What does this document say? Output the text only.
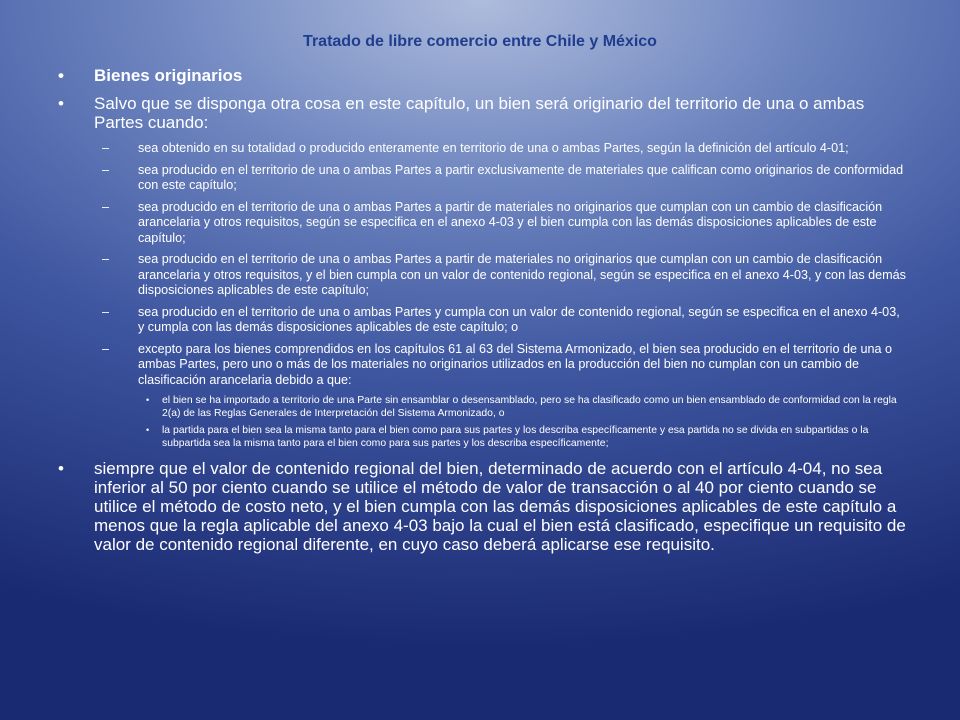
Tratado de libre comercio entre Chile y México
• Bienes originarios
• Salvo que se disponga otra cosa en este capítulo, un bien será originario del territorio de una o ambas Partes cuando:
– sea obtenido en su totalidad o producido enteramente en territorio de una o ambas Partes, según la definición del artículo 4-01;
– sea producido en el territorio de una o ambas Partes a partir exclusivamente de materiales que califican como originarios de conformidad con este capítulo;
– sea producido en el territorio de una o ambas Partes a partir de materiales no originarios que cumplan con un cambio de clasificación arancelaria y otros requisitos, según se especifica en el anexo 4-03 y el bien cumpla con las demás disposiciones aplicables de este capítulo;
– sea producido en el territorio de una o ambas Partes a partir de materiales no originarios que cumplan con un cambio de clasificación arancelaria y otros requisitos, y el bien cumpla con un valor de contenido regional, según se especifica en el anexo 4-03, y con las demás disposiciones aplicables de este capítulo;
– sea producido en el territorio de una o ambas Partes y cumpla con un valor de contenido regional, según se especifica en el anexo 4-03, y cumpla con las demás disposiciones aplicables de este capítulo; o
– excepto para los bienes comprendidos en los capítulos 61 al 63 del Sistema Armonizado, el bien sea producido en el territorio de una o ambas Partes, pero uno o más de los materiales no originarios utilizados en la producción del bien no cumplan con un cambio de clasificación arancelaria debido a que:
• el bien se ha importado a territorio de una Parte sin ensamblar o desensamblado, pero se ha clasificado como un bien ensamblado de conformidad con la regla 2(a) de las Reglas Generales de Interpretación del Sistema Armonizado, o
• la partida para el bien sea la misma tanto para el bien como para sus partes y los describa específicamente y esa partida no se divida en subpartidas o la subpartida sea la misma tanto para el bien como para sus partes y los describa específicamente;
• siempre que el valor de contenido regional del bien, determinado de acuerdo con el artículo 4-04, no sea inferior al 50 por ciento cuando se utilice el método de valor de transacción o al 40 por ciento cuando se utilice el método de costo neto, y el bien cumpla con las demás disposiciones aplicables de este capítulo a menos que la regla aplicable del anexo 4-03 bajo la cual el bien está clasificado, especifique un requisito de valor de contenido regional diferente, en cuyo caso deberá aplicarse ese requisito.
